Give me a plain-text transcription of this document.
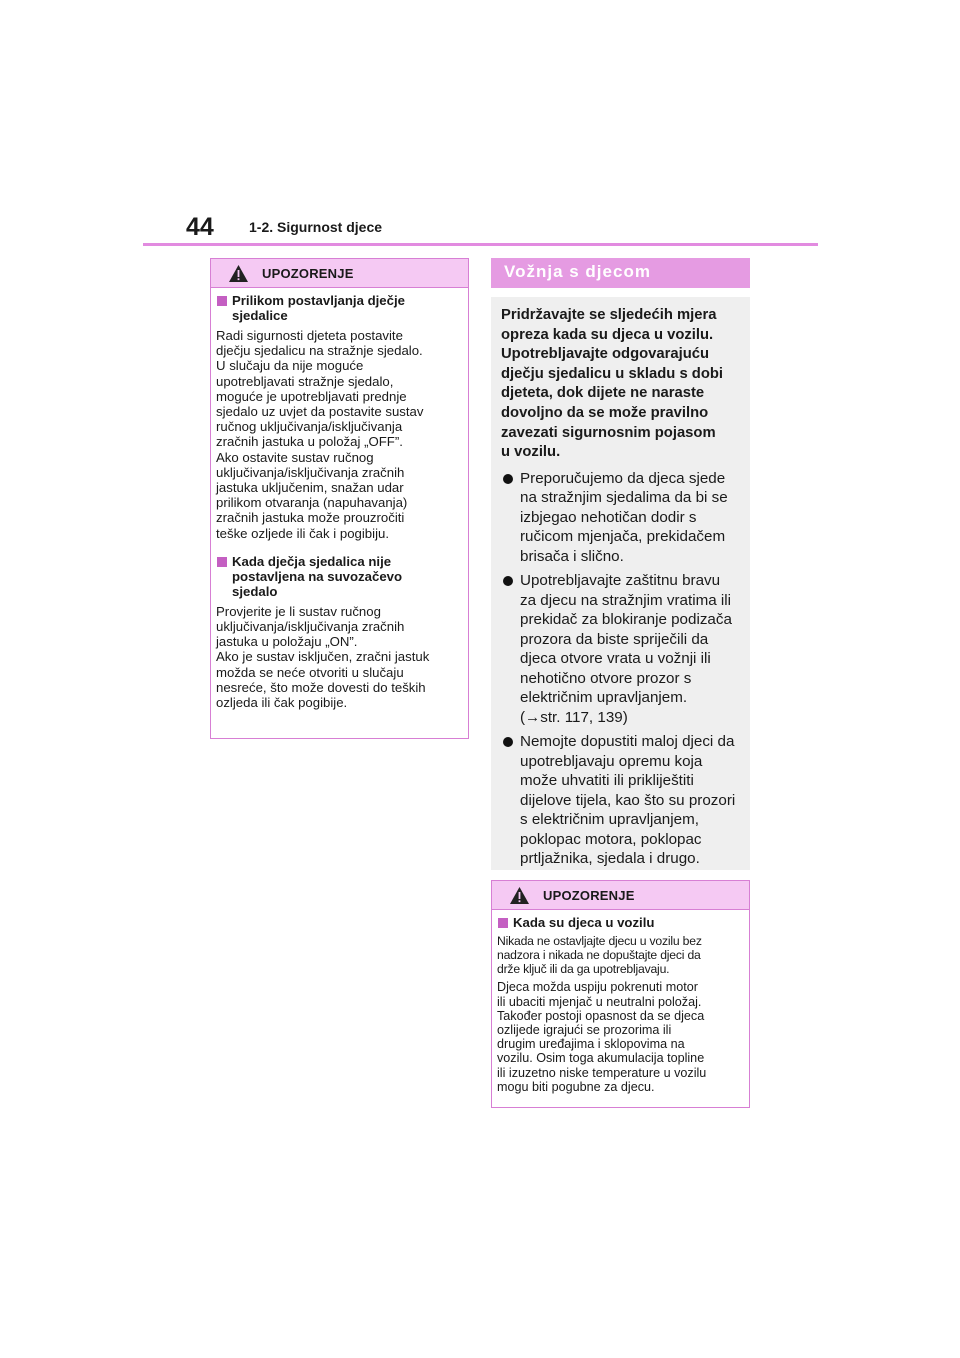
44	1-2. Sigurnost djece
UPOZORENJE
Prilikom postavljanja dječje
sjedalice
Radi sigurnosti djeteta postavite
dječju sjedalicu na stražnje sjedalo.
U slučaju da nije moguće
upotrebljavati stražnje sjedalo,
moguće je upotrebljavati prednje
sjedalo uz uvjet da postavite sustav
ručnog uključivanja/isključivanja
zračnih jastuka u položaj „OFF”.
Ako ostavite sustav ručnog
uključivanja/isključivanja zračnih
jastuka uključenim, snažan udar
prilikom otvaranja (napuhavanja)
zračnih jastuka može prouzročiti
teške ozljede ili čak i pogibiju.
Kada dječja sjedalica nije
postavljena na suvozačevo
sjedalo
Provjerite je li sustav ručnog
uključivanja/isključivanja zračnih
jastuka u položaju „ON”.
Ako je sustav isključen, zračni jastuk
možda se neće otvoriti u slučaju
nesreće, što može dovesti do teških
ozljeda ili čak pogibije.
Vožnja s djecom
Pridržavajte se sljedećih mjera
opreza kada su djeca u vozilu.
Upotrebljavajte odgovarajuću
dječju sjedalicu u skladu s dobi
djeteta, dok dijete ne naraste
dovoljno da se može pravilno
zavezati sigurnosnim pojasom
u vozilu.
Preporučujemo da djeca sjede
na stražnjim sjedalima da bi se
izbjegao nehotičan dodir s
ručicom mjenjača, prekidačem
brisača i slično.
Upotrebljavajte zaštitnu bravu
za djecu na stražnjim vratima ili
prekidač za blokiranje podizača
prozora da biste spriječili da
djeca otvore vrata u vožnji ili
nehotično otvore prozor s
električnim upravljanjem.
(→str. 117, 139)
Nemojte dopustiti maloj djeci da
upotrebljavaju opremu koja
može uhvatiti ili prikliještiti
dijelove tijela, kao što su prozori
s električnim upravljanjem,
poklopac motora, poklopac
prtljažnika, sjedala i drugo.
UPOZORENJE
Kada su djeca u vozilu
Nikada ne ostavljajte djecu u vozilu bez
nadzora i nikada ne dopuštajte djeci da
drže ključ ili da ga upotrebljavaju.
Djeca možda uspiju pokrenuti motor
ili ubaciti mjenjač u neutralni položaj.
Također postoji opasnost da se djeca
ozlijede igrajući se prozorima ili
drugim uređajima i sklopovima na
vozilu. Osim toga akumulacija topline
ili izuzetno niske temperature u vozilu
mogu biti pogubne za djecu.
